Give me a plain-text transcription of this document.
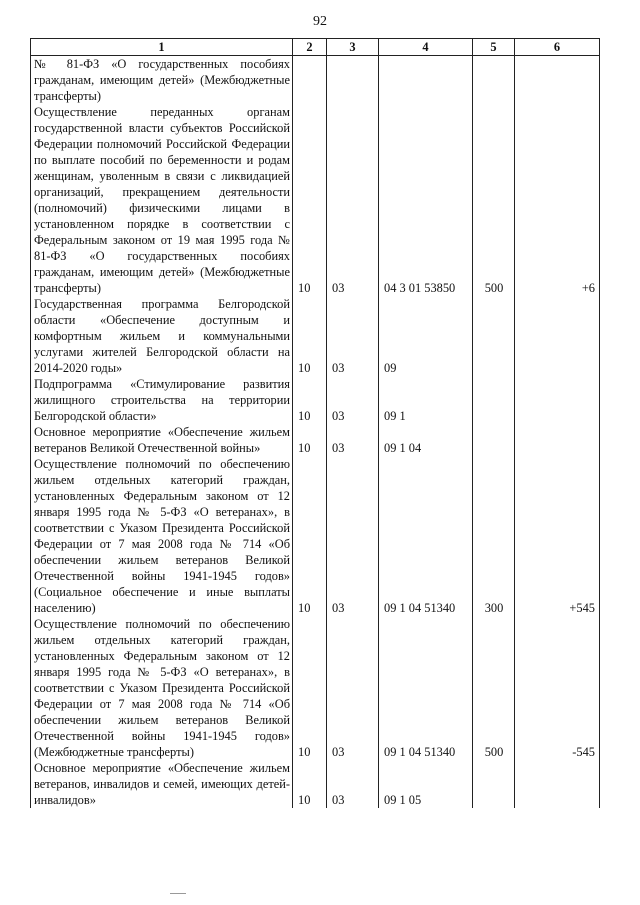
92
1	2	3	4	5	6
№ 81-ФЗ «О государственных пособиях гражданам, имеющим детей» (Межбюджетные трансферты)					
Осуществление переданных органам государственной власти субъектов Российской Федерации полномочий Российской Федерации по выплате пособий по беременности и родам женщинам, уволенным в связи с ликвидацией организаций, прекращением деятельности (полномочий) физическими лицами в установленном порядке в соответствии с Федеральным законом от 19 мая 1995 года № 81-ФЗ «О государственных пособиях гражданам, имеющим детей» (Межбюджетные трансферты)	10	03	04 3 01 53850	500	+6
Государственная программа Белгородской области «Обеспечение доступным и комфортным жильем и коммунальными услугами жителей Белгородской области на 2014-2020 годы»	10	03	09		
Подпрограмма «Стимулирование развития жилищного строительства на территории Белгородской области»	10	03	09 1		
Основное мероприятие «Обеспечение жильем ветеранов Великой Отечественной войны»	10	03	09 1 04		
Осуществление полномочий по обеспечению жильем отдельных категорий граждан, установленных Федеральным законом от 12 января 1995 года № 5-ФЗ «О ветеранах», в соответствии с Указом Президента Российской Федерации от 7 мая 2008 года № 714 «Об обеспечении жильем ветеранов Великой Отечественной войны 1941-1945 годов» (Социальное обеспечение и иные выплаты населению)	10	03	09 1 04 51340	300	+545
Осуществление полномочий по обеспечению жильем отдельных категорий граждан, установленных Федеральным законом от 12 января 1995 года № 5-ФЗ «О ветеранах», в соответствии с Указом Президента Российской Федерации от 7 мая 2008 года № 714 «Об обеспечении жильем ветеранов Великой Отечественной войны 1941-1945 годов» (Межбюджетные трансферты)	10	03	09 1 04 51340	500	-545
Основное мероприятие «Обеспечение жильем ветеранов, инвалидов и семей, имеющих детей-инвалидов»	10	03	09 1 05		
